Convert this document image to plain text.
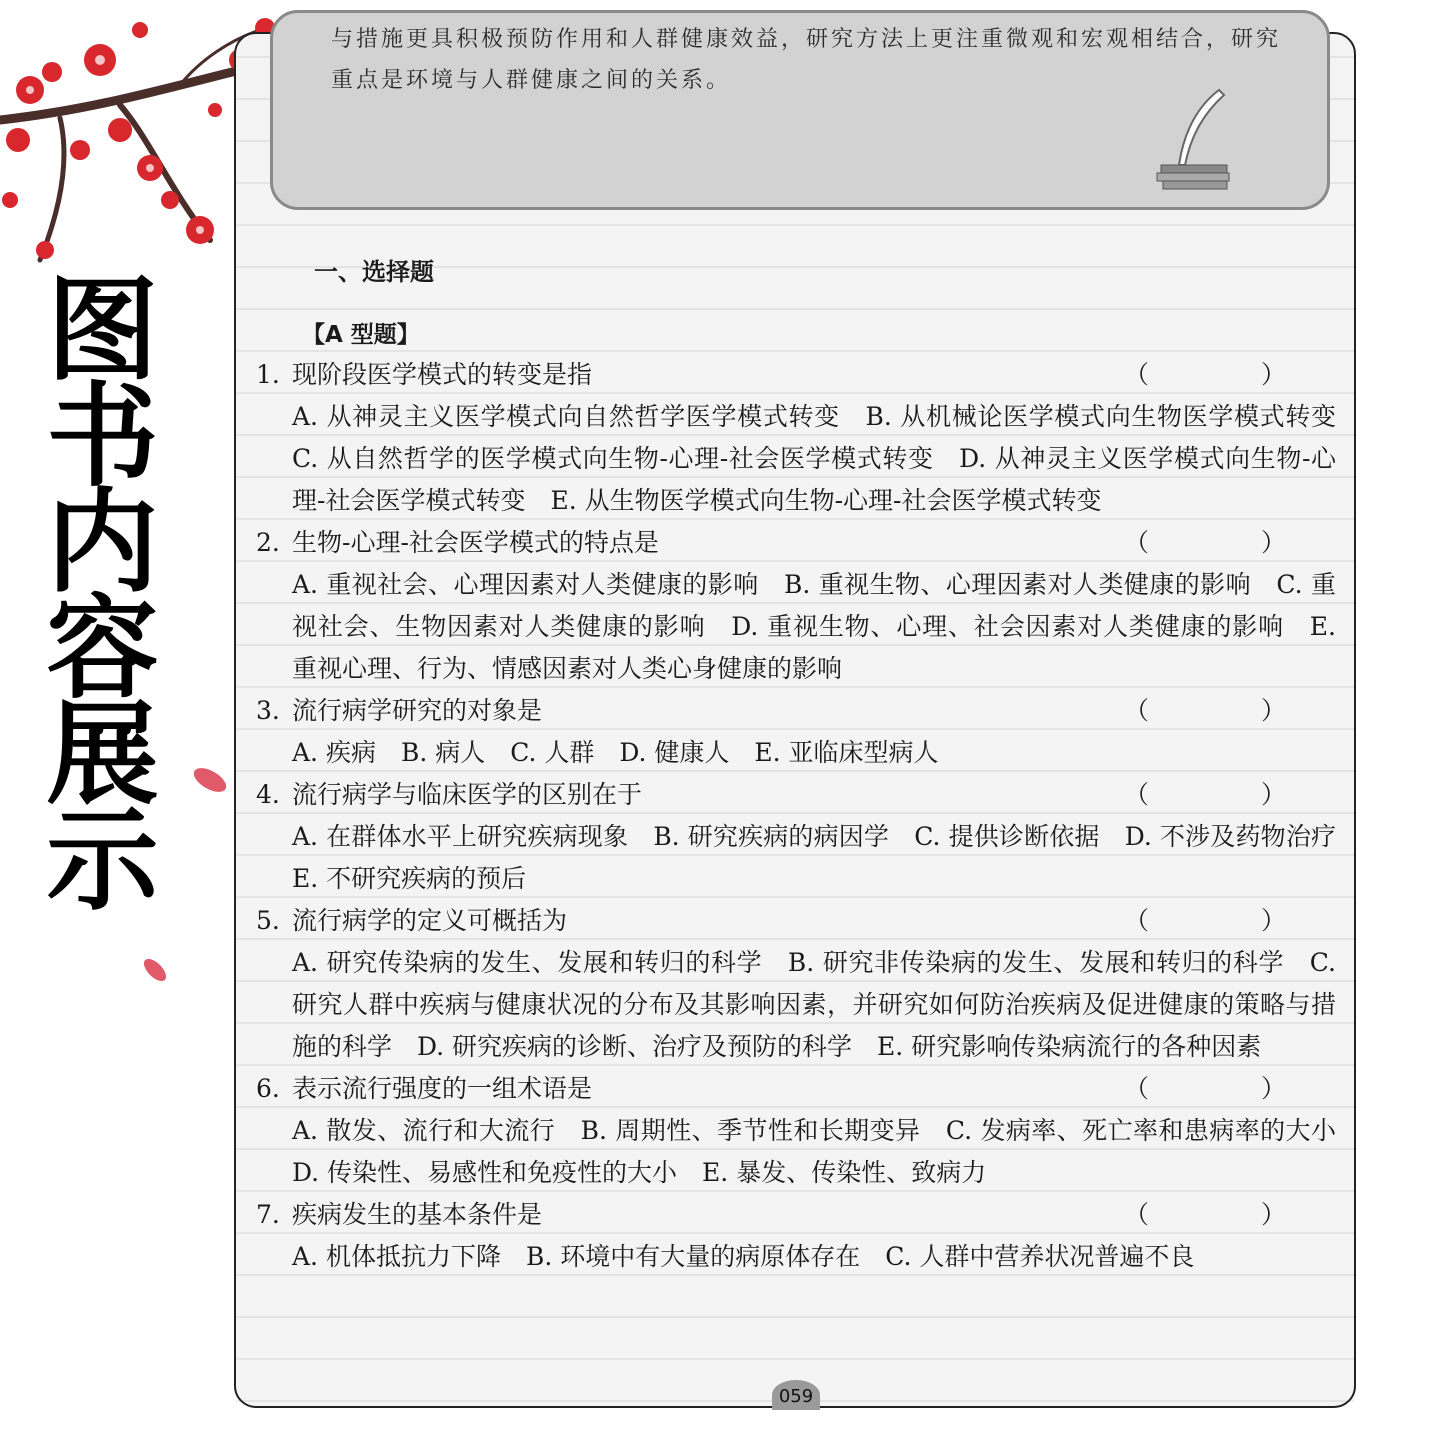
图
书
内
容
展
示
与措施更具积极预防作用和人群健康效益，研究方法上更注重微观和宏观相结合，研究
重点是环境与人群健康之间的关系。
一、选择题
【A 型题】
1. 现阶段医学模式的转变是指	（ ）
A. 从神灵主义医学模式向自然哲学医学模式转变　B. 从机械论医学模式向生物医学模式转变　C. 从自然哲学的医学模式向生物-心理-社会医学模式转变　D. 从神灵主义医学模式向生物-心理-社会医学模式转变　E. 从生物医学模式向生物-心理-社会医学模式转变
2. 生物-心理-社会医学模式的特点是	（ ）
A. 重视社会、心理因素对人类健康的影响　B. 重视生物、心理因素对人类健康的影响　C. 重视社会、生物因素对人类健康的影响　D. 重视生物、心理、社会因素对人类健康的影响　E. 重视心理、行为、情感因素对人类心身健康的影响
3. 流行病学研究的对象是	（ ）
A. 疾病　B. 病人　C. 人群　D. 健康人　E. 亚临床型病人
4. 流行病学与临床医学的区别在于	（ ）
A. 在群体水平上研究疾病现象　B. 研究疾病的病因学　C. 提供诊断依据　D. 不涉及药物治疗　E. 不研究疾病的预后
5. 流行病学的定义可概括为	（ ）
A. 研究传染病的发生、发展和转归的科学　B. 研究非传染病的发生、发展和转归的科学　C. 研究人群中疾病与健康状况的分布及其影响因素，并研究如何防治疾病及促进健康的策略与措施的科学　D. 研究疾病的诊断、治疗及预防的科学　E. 研究影响传染病流行的各种因素
6. 表示流行强度的一组术语是	（ ）
A. 散发、流行和大流行　B. 周期性、季节性和长期变异　C. 发病率、死亡率和患病率的大小　D. 传染性、易感性和免疫性的大小　E. 暴发、传染性、致病力
7. 疾病发生的基本条件是	（ ）
A. 机体抵抗力下降　B. 环境中有大量的病原体存在　C. 人群中营养状况普遍不良
059
